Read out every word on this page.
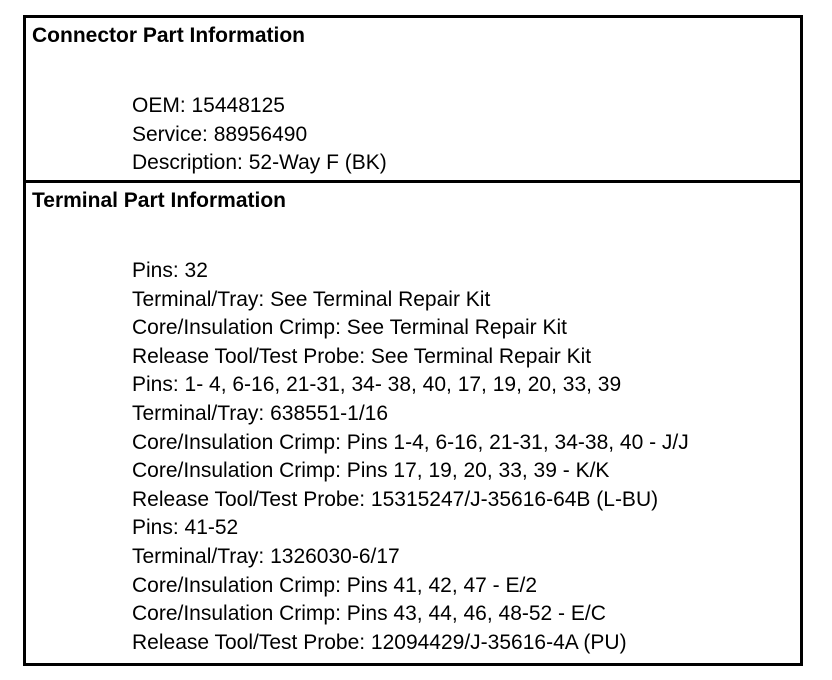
Connector Part Information
OEM: 15448125
Service: 88956490
Description: 52-Way F (BK)
Terminal Part Information
Pins: 32
Terminal/Tray: See Terminal Repair Kit
Core/Insulation Crimp: See Terminal Repair Kit
Release Tool/Test Probe: See Terminal Repair Kit
Pins: 1- 4, 6-16, 21-31, 34- 38, 40, 17, 19, 20, 33, 39
Terminal/Tray: 638551-1/16
Core/Insulation Crimp: Pins 1-4, 6-16, 21-31, 34-38, 40 - J/J
Core/Insulation Crimp: Pins 17, 19, 20, 33, 39 - K/K
Release Tool/Test Probe: 15315247/J-35616-64B (L-BU)
Pins: 41-52
Terminal/Tray: 1326030-6/17
Core/Insulation Crimp: Pins 41, 42, 47 - E/2
Core/Insulation Crimp: Pins 43, 44, 46, 48-52 - E/C
Release Tool/Test Probe: 12094429/J-35616-4A (PU)
